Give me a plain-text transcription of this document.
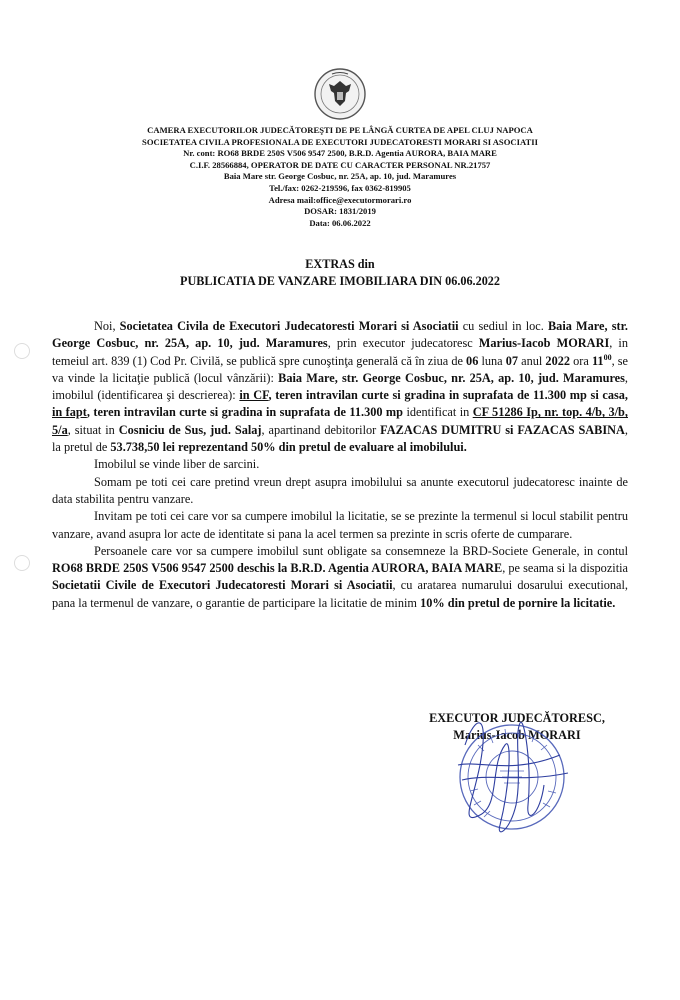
CAMERA EXECUTORILOR JUDECĂTOREŞTI DE PE LÂNGĂ CURTEA DE APEL CLUJ NAPOCA
SOCIETATEA CIVILA PROFESIONALA DE EXECUTORI JUDECATORESTI MORARI SI ASOCIATII
Nr. cont: RO68 BRDE 250S V506 9547 2500, B.R.D. Agentia AURORA, BAIA MARE
C.I.F. 28566884, OPERATOR DE DATE CU CARACTER PERSONAL NR.21757
Baia Mare str. George Cosbuc, nr. 25A, ap. 10, jud. Maramures
Tel./fax: 0262-219596, fax 0362-819905
Adresa mail:office@executormorari.ro
DOSAR: 1831/2019
Data: 06.06.2022
EXTRAS din
PUBLICATIA DE VANZARE IMOBILIARA DIN 06.06.2022

Noi, Societatea Civila de Executori Judecatoresti Morari si Asociatii cu sediul in loc. Baia Mare, str. George Cosbuc, nr. 25A, ap. 10, jud. Maramures, prin executor judecatoresc Marius-Iacob MORARI, in temeiul art. 839 (1) Cod Pr. Civilă, se publică spre cunoştinţa generală că în ziua de 06 luna 07 anul 2022 ora $11^{00}$, se va vinde la licitaţie publică (locul vânzării): Baia Mare, str. George Cosbuc, nr. 25A, ap. 10, jud. Maramures, imobilul (identificarea şi descrierea): in CF, teren intravilan curte si gradina in suprafata de 11.300 mp si casa, in fapt, teren intravilan curte si gradina in suprafata de 11.300 mp identificat in CF 51286 Ip, nr. top. 4/b, 3/b, 5/a, situat in Cosniciu de Sus, jud. Salaj, apartinand debitorilor FAZACAS DUMITRU si FAZACAS SABINA, la pretul de 53.738,50 lei reprezentand 50% din pretul de evaluare al imobilului.

Imobilul se vinde liber de sarcini.

Somam pe toti cei care pretind vreun drept asupra imobilului sa anunte executorul judecatoresc inainte de data stabilita pentru vanzare.

Invitam pe toti cei care vor sa cumpere imobilul la licitatie, se se prezinte la termenul si locul stabilit pentru vanzare, avand asupra lor acte de identitate si pana la acel termen sa prezinte in scris oferte de cumparare.

Persoanele care vor sa cumpere imobilul sunt obligate sa consemneze la BRD-Societe Generale, in contul RO68 BRDE 250S V506 9547 2500 deschis la B.R.D. Agentia AURORA, BAIA MARE, pe seama si la dispozitia Societatii Civile de Executori Judecatoresti Morari si Asociatii, cu aratarea numarului dosarului executional, pana la termenul de vanzare, o garantie de participare la licitatie de minim 10% din pretul de pornire la licitatie.

EXECUTOR JUDECĂTORESC,
Marius-Iacob MORARI
